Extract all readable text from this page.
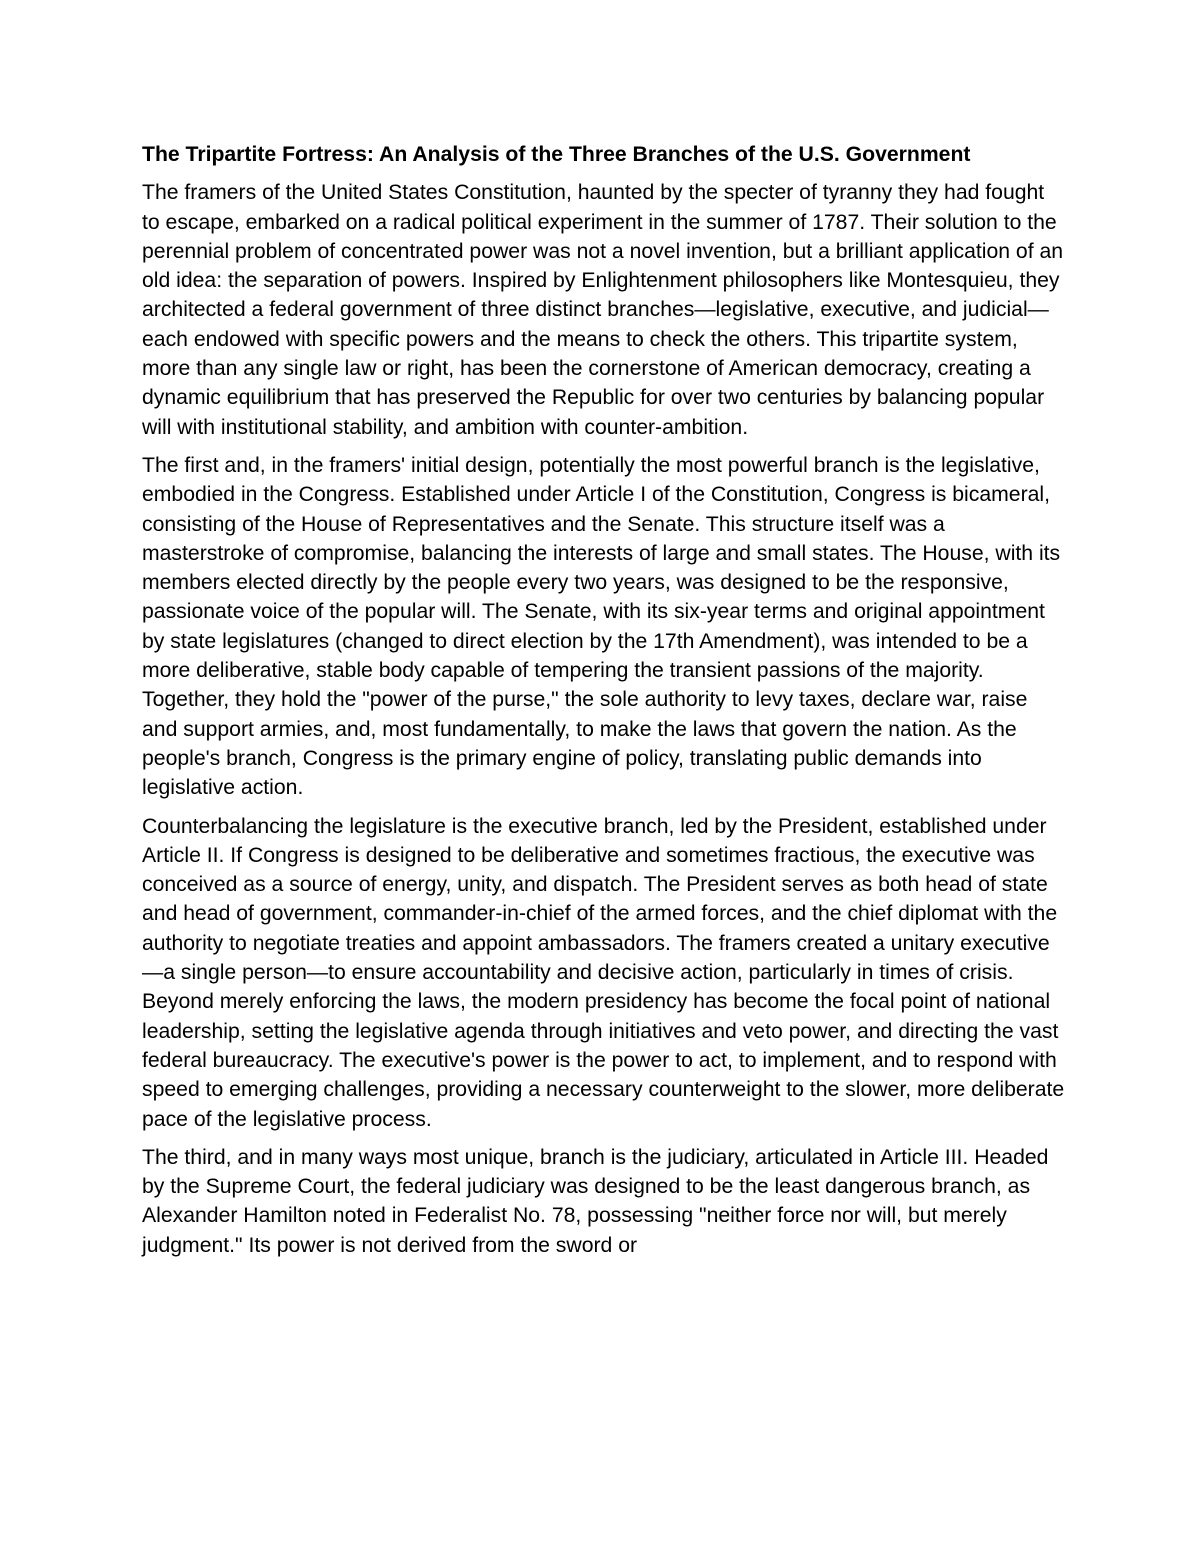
The Tripartite Fortress: An Analysis of the Three Branches of the U.S. Government

The framers of the United States Constitution, haunted by the specter of tyranny they had fought to escape, embarked on a radical political experiment in the summer of 1787. Their solution to the perennial problem of concentrated power was not a novel invention, but a brilliant application of an old idea: the separation of powers. Inspired by Enlightenment philosophers like Montesquieu, they architected a federal government of three distinct branches—legislative, executive, and judicial—each endowed with specific powers and the means to check the others. This tripartite system, more than any single law or right, has been the cornerstone of American democracy, creating a dynamic equilibrium that has preserved the Republic for over two centuries by balancing popular will with institutional stability, and ambition with counter-ambition.

The first and, in the framers' initial design, potentially the most powerful branch is the legislative, embodied in the Congress. Established under Article I of the Constitution, Congress is bicameral, consisting of the House of Representatives and the Senate. This structure itself was a masterstroke of compromise, balancing the interests of large and small states. The House, with its members elected directly by the people every two years, was designed to be the responsive, passionate voice of the popular will. The Senate, with its six-year terms and original appointment by state legislatures (changed to direct election by the 17th Amendment), was intended to be a more deliberative, stable body capable of tempering the transient passions of the majority. Together, they hold the "power of the purse," the sole authority to levy taxes, declare war, raise and support armies, and, most fundamentally, to make the laws that govern the nation. As the people's branch, Congress is the primary engine of policy, translating public demands into legislative action.

Counterbalancing the legislature is the executive branch, led by the President, established under Article II. If Congress is designed to be deliberative and sometimes fractious, the executive was conceived as a source of energy, unity, and dispatch. The President serves as both head of state and head of government, commander-in-chief of the armed forces, and the chief diplomat with the authority to negotiate treaties and appoint ambassadors. The framers created a unitary executive—a single person—to ensure accountability and decisive action, particularly in times of crisis. Beyond merely enforcing the laws, the modern presidency has become the focal point of national leadership, setting the legislative agenda through initiatives and veto power, and directing the vast federal bureaucracy. The executive's power is the power to act, to implement, and to respond with speed to emerging challenges, providing a necessary counterweight to the slower, more deliberate pace of the legislative process.

The third, and in many ways most unique, branch is the judiciary, articulated in Article III. Headed by the Supreme Court, the federal judiciary was designed to be the least dangerous branch, as Alexander Hamilton noted in Federalist No. 78, possessing "neither force nor will, but merely judgment." Its power is not derived from the sword or
